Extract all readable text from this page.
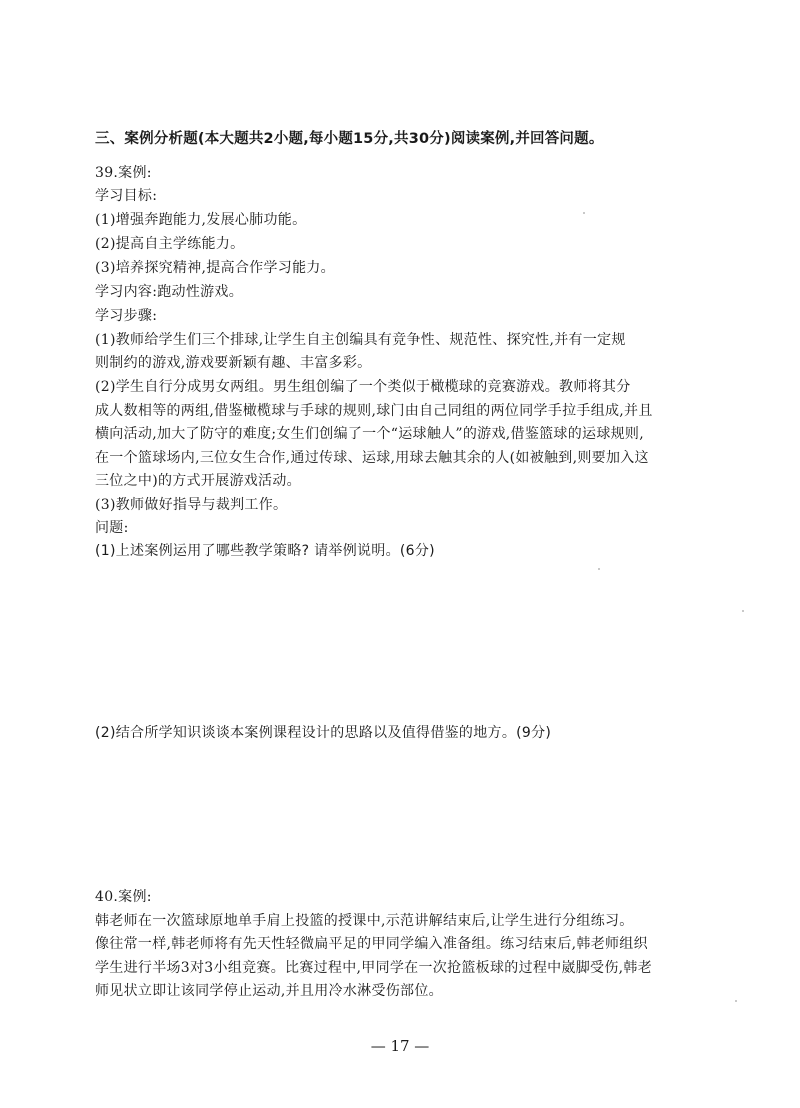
三、案例分析题(本大题共2小题,每小题15分,共30分)阅读案例,并回答问题。
39.案例:
学习目标:
(1)增强奔跑能力,发展心肺功能。
(2)提高自主学练能力。
(3)培养探究精神,提高合作学习能力。
学习内容:跑动性游戏。
学习步骤:
(1)教师给学生们三个排球,让学生自主创编具有竞争性、规范性、探究性,并有一定规
则制约的游戏,游戏要新颖有趣、丰富多彩。
(2)学生自行分成男女两组。男生组创编了一个类似于橄榄球的竞赛游戏。教师将其分
成人数相等的两组,借鉴橄榄球与手球的规则,球门由自己同组的两位同学手拉手组成,并且
横向活动,加大了防守的难度;女生们创编了一个“运球触人”的游戏,借鉴篮球的运球规则,
在一个篮球场内,三位女生合作,通过传球、运球,用球去触其余的人(如被触到,则要加入这
三位之中)的方式开展游戏活动。
(3)教师做好指导与裁判工作。
问题:
(1)上述案例运用了哪些教学策略? 请举例说明。(6分)
(2)结合所学知识谈谈本案例课程设计的思路以及值得借鉴的地方。(9分)
40.案例:
韩老师在一次篮球原地单手肩上投篮的授课中,示范讲解结束后,让学生进行分组练习。
像往常一样,韩老师将有先天性轻微扁平足的甲同学编入准备组。练习结束后,韩老师组织
学生进行半场3对3小组竞赛。比赛过程中,甲同学在一次抢篮板球的过程中崴脚受伤,韩老
师见状立即让该同学停止运动,并且用冷水淋受伤部位。
— 17 —
